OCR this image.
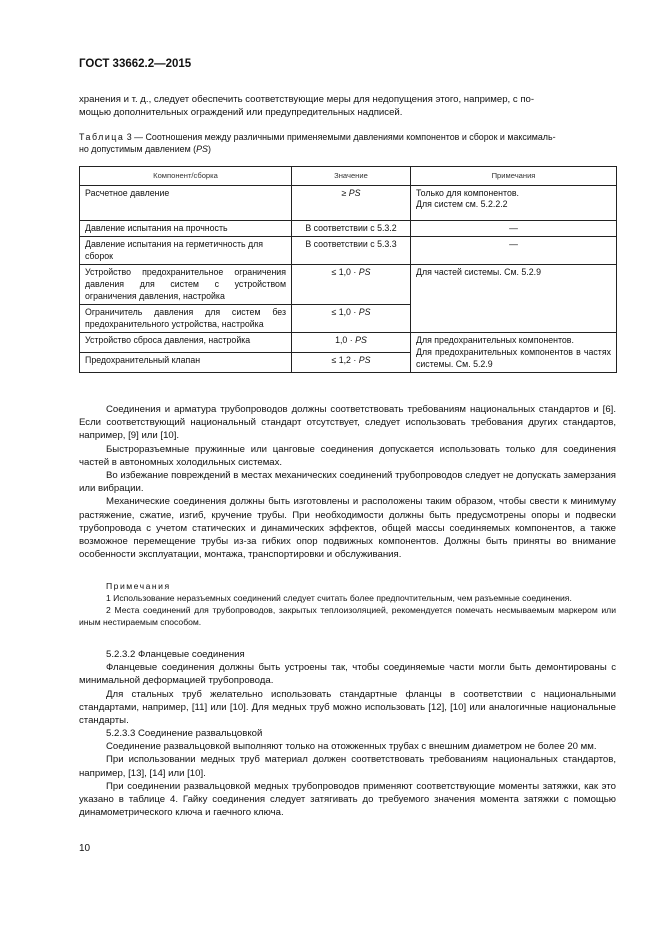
ГОСТ 33662.2—2015
хранения и т. д., следует обеспечить соответствующие меры для недопущения этого, например, с по-
мощью дополнительных ограждений или предупредительных надписей.
Таблица 3 — Соотношения между различными применяемыми давлениями компонентов и сборок и максималь-
но допустимым давлением (PS)
Компонент/сборка	Значение	Примечания
Расчетное давление	≥ PS	Только для компонентов.
Для систем см. 5.2.2.2

Давление испытания на прочность	В соответствии с 5.3.2	—
Давление испытания на герметичность для сборок	В соответствии с 5.3.3	—
Устройство предохранительное ограничения давления для систем с устройством ограничения давления, настройка	≤ 1,0 · PS	Для частей системы. См. 5.2.9
Ограничитель давления для систем без предохранительного устройства, настройка	≤ 1,0 · PS	
Устройство сброса давления, настройка	1,0 · PS	Для предохранительных компонентов.
Для предохранительных компонентов в частях системы. См. 5.2.9

Предохранительный клапан	≤ 1,2 · PS	
Соединения и арматура трубопроводов должны соответствовать требованиям национальных стандартов и [6]. Если соответствующий национальный стандарт отсутствует, следует использовать требования других стандартов, например, [9] или [10].
Быстроразъемные пружинные или цанговые соединения допускается использовать только для соединения частей в автономных холодильных системах.
Во избежание повреждений в местах механических соединений трубопроводов следует не допускать замерзания или вибрации.
Механические соединения должны быть изготовлены и расположены таким образом, чтобы свести к минимуму растяжение, сжатие, изгиб, кручение трубы. При необходимости должны быть предусмотрены опоры и подвески трубопровода с учетом статических и динамических эффектов, общей массы соединяемых компонентов, а также возможное перемещение трубы из-за гибких опор подвижных компонентов. Должны быть приняты во внимание особенности эксплуатации, монтажа, транспортировки и обслуживания.
Примечания
1 Использование неразъемных соединений следует считать более предпочтительным, чем разъемные соединения.
2 Места соединений для трубопроводов, закрытых теплоизоляцией, рекомендуется помечать несмываемым маркером или иным нестираемым способом.
5.2.3.2 Фланцевые соединения
Фланцевые соединения должны быть устроены так, чтобы соединяемые части могли быть демонтированы с минимальной деформацией трубопровода.
Для стальных труб желательно использовать стандартные фланцы в соответствии с национальными стандартами, например, [11] или [10]. Для медных труб можно использовать [12], [10] или аналогичные национальные стандарты.
5.2.3.3 Соединение развальцовкой
Соединение развальцовкой выполняют только на отожженных трубах с внешним диаметром не более 20 мм.
При использовании медных труб материал должен соответствовать требованиям национальных стандартов, например, [13], [14] или [10].
При соединении развальцовкой медных трубопроводов применяют соответствующие моменты затяжки, как это указано в таблице 4. Гайку соединения следует затягивать до требуемого значения момента затяжки с помощью динамометрического ключа и гаечного ключа.
10
